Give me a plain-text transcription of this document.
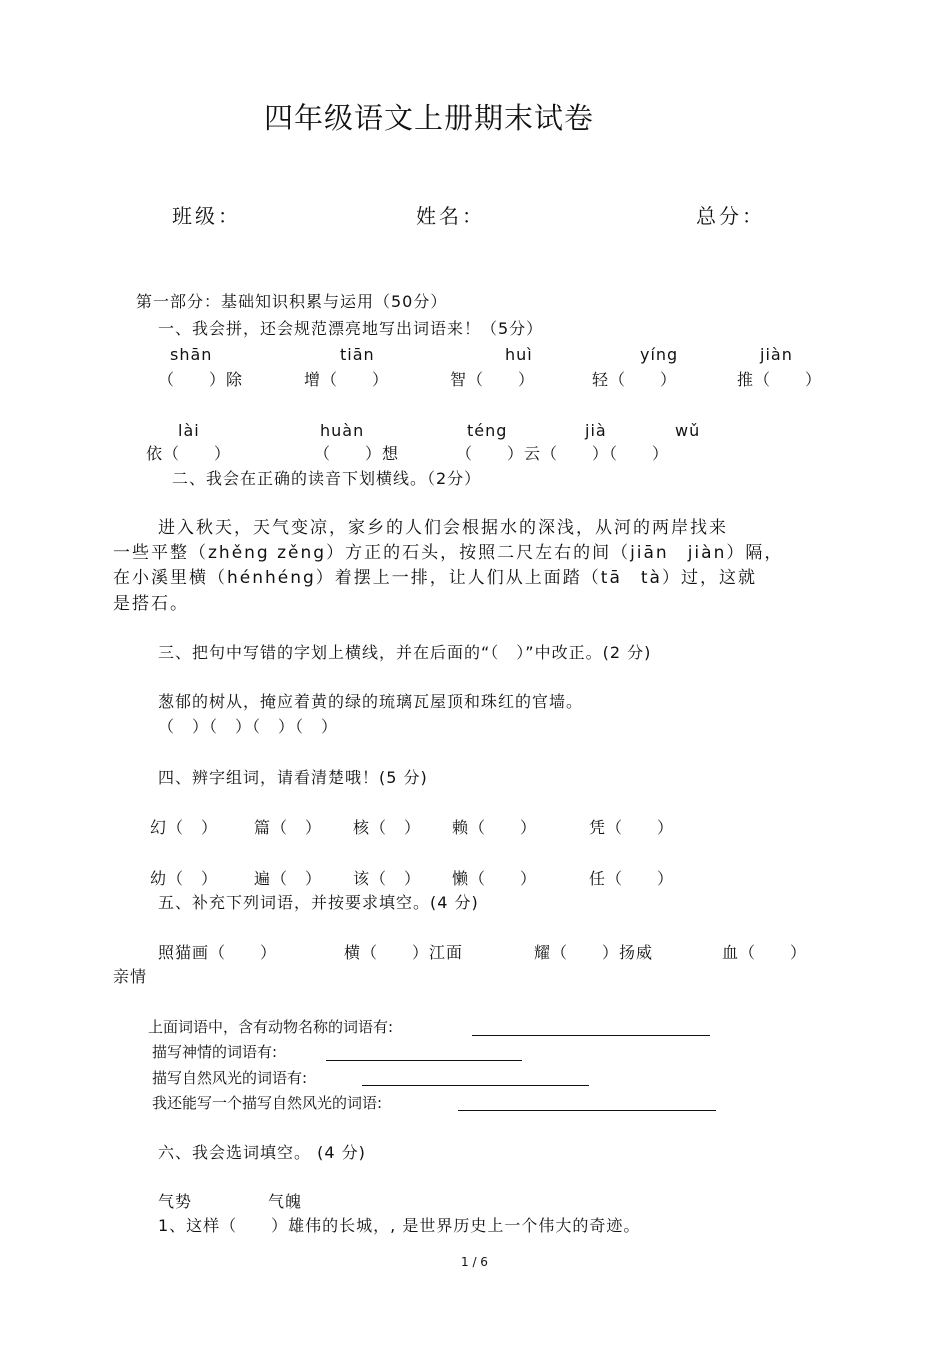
四年级语文上册期末试卷
班级：	姓名：	总分：
第一部分：基础知识积累与运用（50分）
一、我会拼，还会规范漂亮地写出词语来！（5分）
shān	tiān	huì	yíng	jiàn
（　　）除	增（　　）	智（　　）	轻（　　）	推（　　）
lài	huàn	téng	jià	wǔ
依（　　）	（　　）想	（　　）云（　　）（　　）
二、我会在正确的读音下划横线。（2分）
进入秋天，天气变凉，家乡的人们会根据水的深浅，从河的两岸找来
一些平整（zhěng zěng）方正的石头，按照二尺左右的间（jiān　jiàn）隔，
在小溪里横（hénhéng）着摆上一排，让人们从上面踏（tā　tà）过，这就
是搭石。
三、把句中写错的字划上横线，并在后面的“（　）”中改正。(2 分)
葱郁的树从，掩应着黄的绿的琉璃瓦屋顶和珠红的官墙。
（　）（　）（　）（　）
四、辨字组词，请看清楚哦！(5 分)
幻（　） 篇（　） 核（　） 赖（　　）	凭（　　）
幼（　） 遍（　） 该（　） 懒（　　）	任（　　）
五、补充下列词语，并按要求填空。(4 分)
照猫画（　　）	横（　　）江面	耀（　　）扬威	血（　　）
亲情
上面词语中，含有动物名称的词语有:
描写神情的词语有:
描写自然风光的词语有:
我还能写一个描写自然风光的词语:
六、我会选词填空。 (4 分)
气势	气魄
1、这样（　　）雄伟的长城，, 是世界历史上一个伟大的奇迹。
1 / 6
